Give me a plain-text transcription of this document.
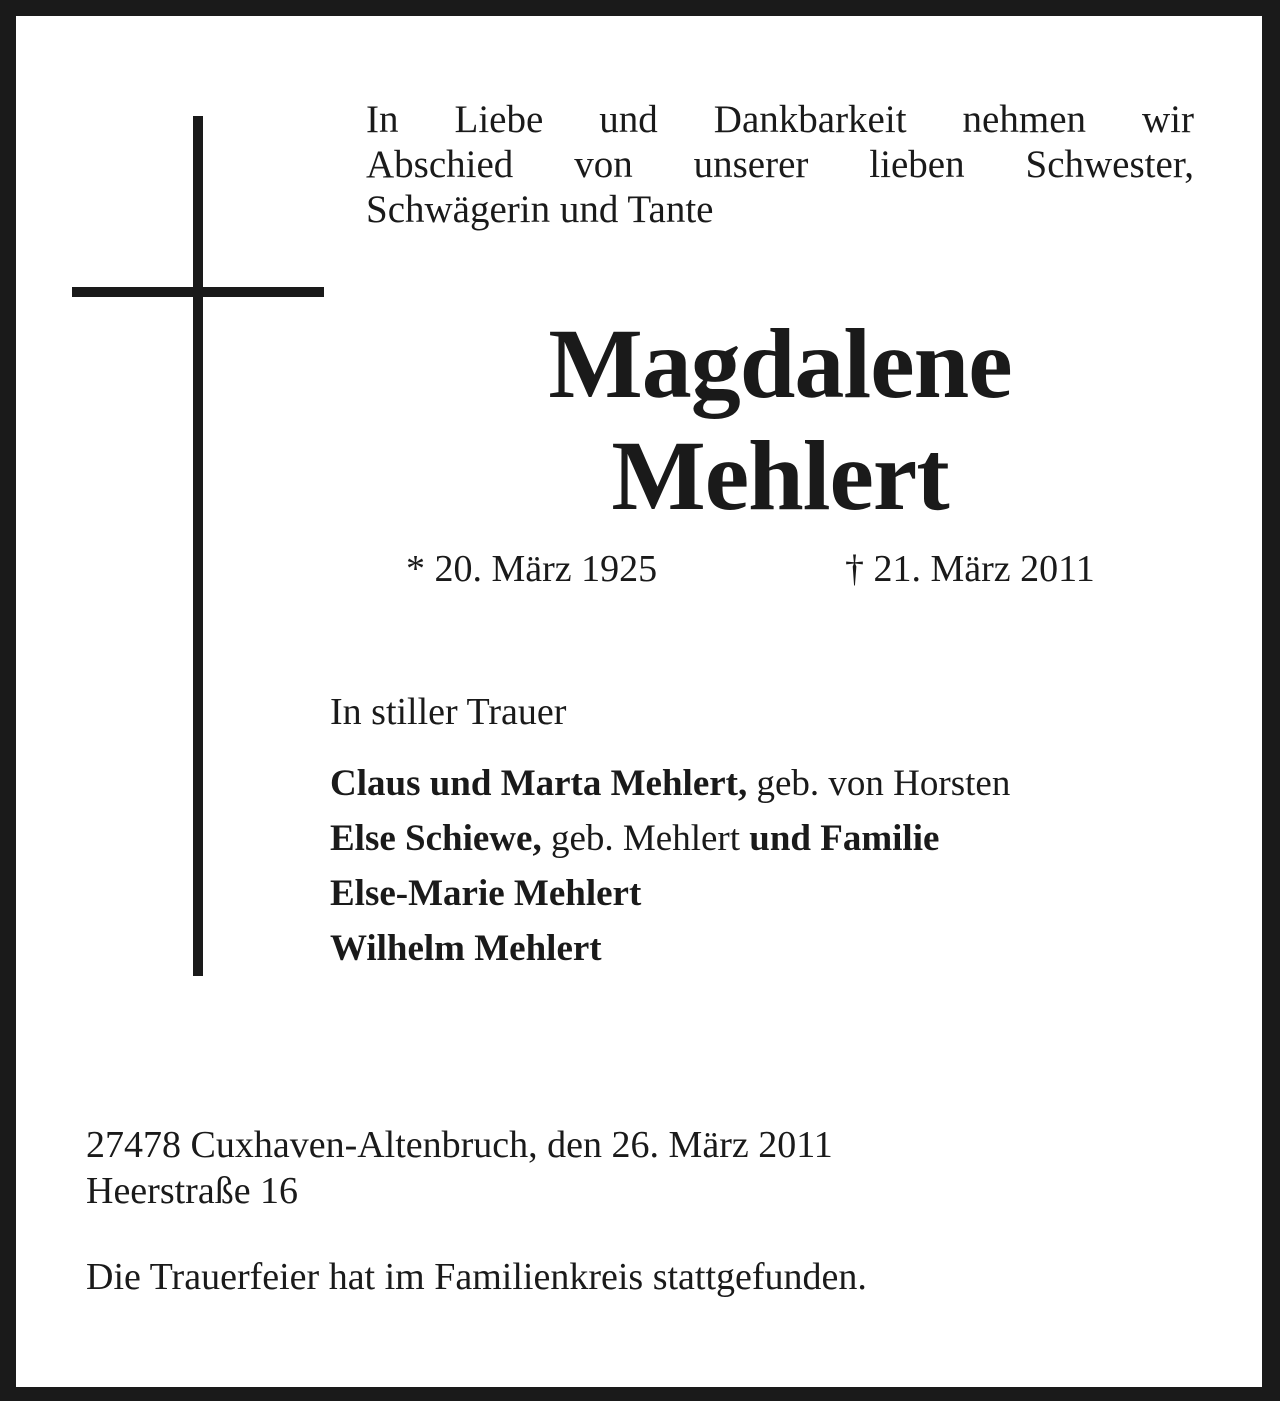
In Liebe und Dankbarkeit nehmen wir
Abschied von unserer lieben Schwester,
Schwägerin und Tante
Magdalene
Mehlert
* 20. März 1925	† 21. März 2011
In stiller Trauer
Claus und Marta Mehlert, geb. von Horsten
Else Schiewe, geb. Mehlert und Familie
Else-Marie Mehlert
Wilhelm Mehlert
27478 Cuxhaven-Altenbruch, den 26. März 2011
Heerstraße 16
Die Trauerfeier hat im Familienkreis stattgefunden.
